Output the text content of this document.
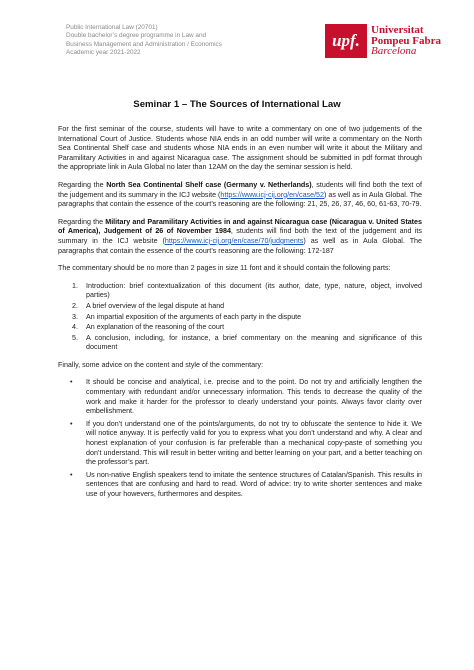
Public International Law (20701)
Double bachelor’s degree programme in Law and
Business Management and Administration / Economics
Academic year 2021-2022
upf.
Universitat
Pompeu Fabra
Barcelona
Seminar 1 – The Sources of International Law

For the first seminar of the course, students will have to write a commentary on one of two judgements of the International Court of Justice. Students whose NIA ends in an odd number will write a commentary on the North Sea Continental Shelf case and students whose NIA ends in an even number will write it about the Military and Paramilitary Activities in and against Nicaragua case. The assignment should be submitted in pdf format through the appropriate link in Aula Global no later than 12AM on the day the seminar session is held.

Regarding the North Sea Continental Shelf case (Germany v. Netherlands), students will find both the text of the judgement and its summary in the ICJ website (https://www.icj-cij.org/en/case/52) as well as in Aula Global. The paragraphs that contain the essence of the court’s reasoning are the following: 21, 25, 26, 37, 46, 60, 61-63, 70-79.

Regarding the Military and Paramilitary Activities in and against Nicaragua case (Nicaragua v. United States of America), Judgement of 26 of November 1984, students will find both the text of the judgement and its summary in the ICJ website (https://www.icj-cij.org/en/case/70/judgments) as well as in Aula Global. The paragraphs that contain the essence of the court’s reasoning are the following: 172-187

The commentary should be no more than 2 pages in size 11 font and it should contain the following parts:

1. Introduction: brief contextualization of this document (its author, date, type, nature, object, involved parties)
2. A brief overview of the legal dispute at hand
3. An impartial exposition of the arguments of each party in the dispute
4. An explanation of the reasoning of the court
5. A conclusion, including, for instance, a brief commentary on the meaning and significance of this document

Finally, some advice on the content and style of the commentary:

• It should be concise and analytical, i.e. precise and to the point. Do not try and artificially lengthen the commentary with redundant and/or unnecessary information. This tends to decrease the quality of the work and make it harder for the professor to clearly understand your points. Always favor clarity over embellishment.
• If you don’t understand one of the points/arguments, do not try to obfuscate the sentence to hide it. We will notice anyway. It is perfectly valid for you to express what you don’t understand and why. A clear and honest explanation of your confusion is far preferable than a mechanical copy-paste of something you don’t understand. This will result in better writing and better learning on your part, and a better teaching on the professor’s part.
• Us non-native English speakers tend to imitate the sentence structures of Catalan/Spanish. This results in sentences that are confusing and hard to read. Word of advice: try to write shorter sentences and make use of your howevers, furthermores and despites.
